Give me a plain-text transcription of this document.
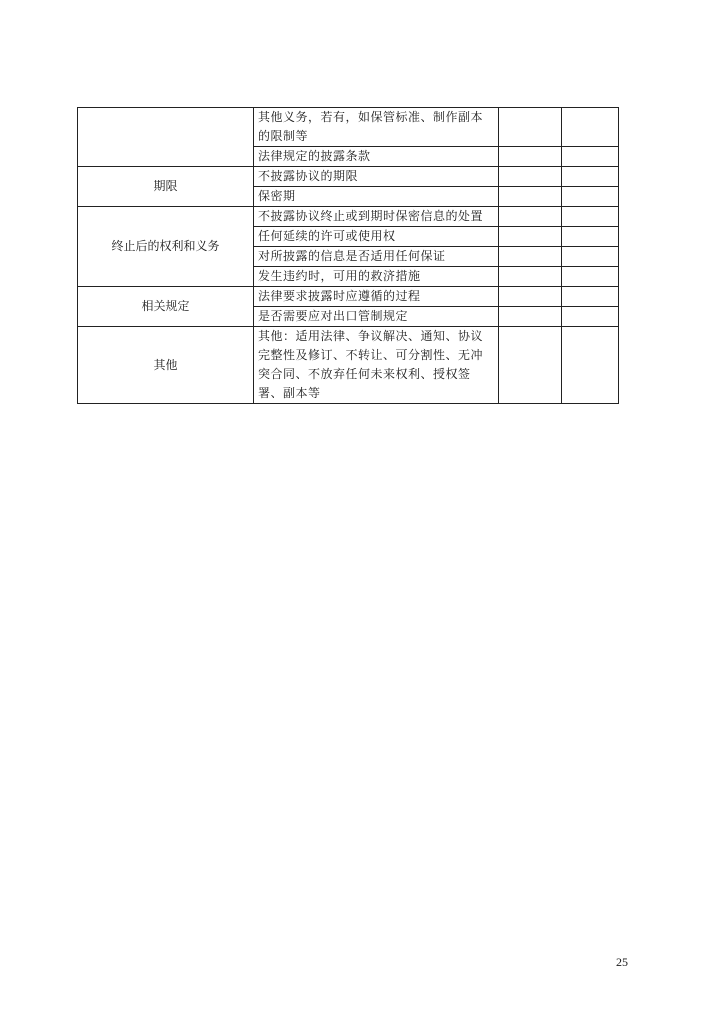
	其他义务，若有，如保管标准、制作副本的限制等		
	法律规定的披露条款		
期限	不披露协议的期限		
	保密期		
终止后的权利和义务	不披露协议终止或到期时保密信息的处置		
	任何延续的许可或使用权		
	对所披露的信息是否适用任何保证		
	发生违约时，可用的救济措施		
相关规定	法律要求披露时应遵循的过程		
	是否需要应对出口管制规定		
其他	其他：适用法律、争议解决、通知、协议完整性及修订、不转让、可分割性、无冲突合同、不放弃任何未来权利、授权签署、副本等		
25
